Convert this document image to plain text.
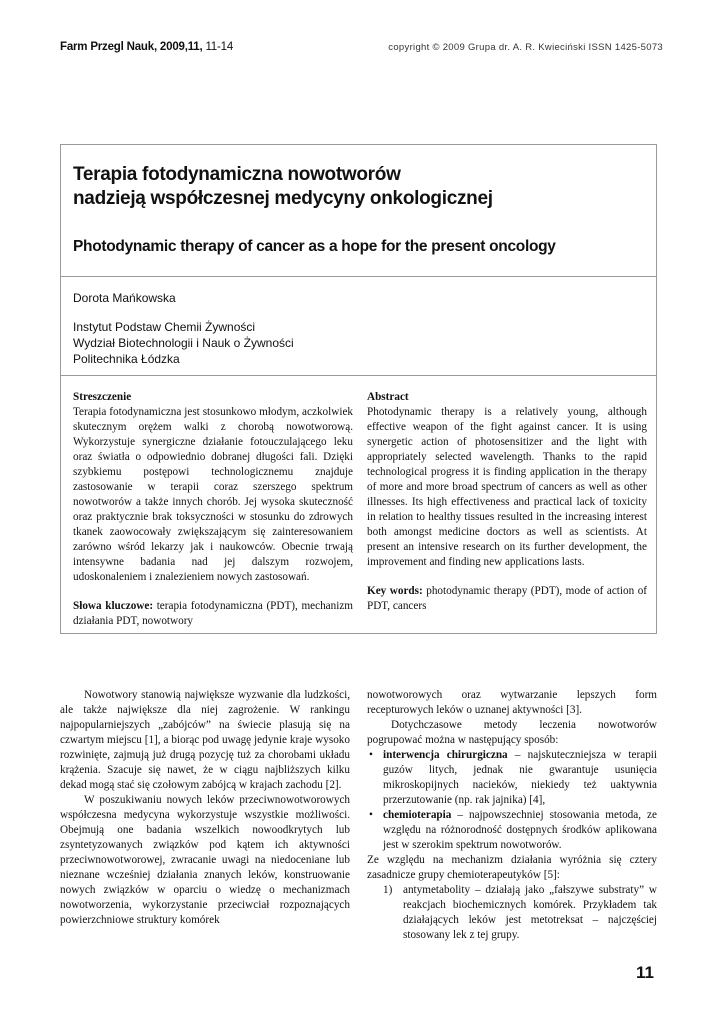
Farm Przegl Nauk, 2009,11, 11-14	copyright © 2009 Grupa dr. A. R. Kwieciński ISSN 1425-5073
Terapia fotodynamiczna nowotworów
nadzieją współczesnej medycyny onkologicznej
Photodynamic therapy of cancer as a hope for the present oncology
Dorota Mańkowska
Instytut Podstaw Chemii Żywności
Wydział Biotechnologii i Nauk o Żywności
Politechnika Łódzka
Streszczenie

Terapia fotodynamiczna jest stosunkowo młodym, aczkolwiek skutecznym orężem walki z chorobą nowotworową. Wykorzystuje synergiczne działanie fotouczulającego leku oraz światła o odpowiednio dobranej długości fali. Dzięki szybkiemu postępowi technologicznemu znajduje zastosowanie w terapii coraz szerszego spektrum nowotworów a także innych chorób. Jej wysoka skuteczność oraz praktycznie brak toksyczności w stosunku do zdrowych tkanek zaowocowały zwiększającym się zainteresowaniem zarówno wśród lekarzy jak i naukowców. Obecnie trwają intensywne badania nad jej dalszym rozwojem, udoskonaleniem i znalezieniem nowych zastosowań.

Słowa kluczowe: terapia fotodynamiczna (PDT), mechanizm działania PDT, nowotwory

Abstract

Photodynamic therapy is a relatively young, although effective weapon of the fight against cancer. It is using synergetic action of photosensitizer and the light with appropriately selected wavelength. Thanks to the rapid technological progress it is finding application in the therapy of more and more broad spectrum of cancers as well as other illnesses. Its high effectiveness and practical lack of toxicity in relation to healthy tissues resulted in the increasing interest both amongst medicine doctors as well as scientists. At present an intensive research on its further development, the improvement and finding new applications lasts.

Key words: photodynamic therapy (PDT), mode of action of PDT, cancers

Nowotwory stanowią największe wyzwanie dla ludzkości, ale także największe dla niej zagrożenie. W rankingu najpopularniejszych „zabójców” na świecie plasują się na czwartym miejscu [1], a biorąc pod uwagę jedynie kraje wysoko rozwinięte, zajmują już drugą pozycję tuż za chorobami układu krążenia. Szacuje się nawet, że w ciągu najbliższych kilku dekad mogą stać się czołowym zabójcą w krajach zachodu [2].

W poszukiwaniu nowych leków przeciwnowotworowych współczesna medycyna wykorzystuje wszystkie możliwości. Obejmują one badania wszelkich nowoodkrytych lub zsyntetyzowanych związków pod kątem ich aktywności przeciwnowotworowej, zwracanie uwagi na niedoceniane lub nieznane wcześniej działania znanych leków, konstruowanie nowych związków w oparciu o wiedzę o mechanizmach nowotworzenia, wykorzystanie przeciwciał rozpoznających powierzchniowe struktury komórek

nowotworowych oraz wytwarzanie lepszych form recepturowych leków o uznanej aktywności [3].

Dotychczasowe metody leczenia nowotworów pogrupować można w następujący sposób:

• interwencja chirurgiczna – najskuteczniejsza w terapii guzów litych, jednak nie gwarantuje usunięcia mikroskopijnych nacieków, niekiedy też uaktywnia przerzutowanie (np. rak jajnika) [4],
• chemioterapia – najpowszechniej stosowania metoda, ze względu na różnorodność dostępnych środków aplikowana jest w szerokim spektrum nowotworów.

Ze względu na mechanizm działania wyróżnia się cztery zasadnicze grupy chemioterapeutyków [5]:

1) antymetabolity – działają jako „fałszywe substraty” w reakcjach biochemicznych komórek. Przykładem tak działających leków jest metotreksat – najczęściej stosowany lek z tej grupy.
11
